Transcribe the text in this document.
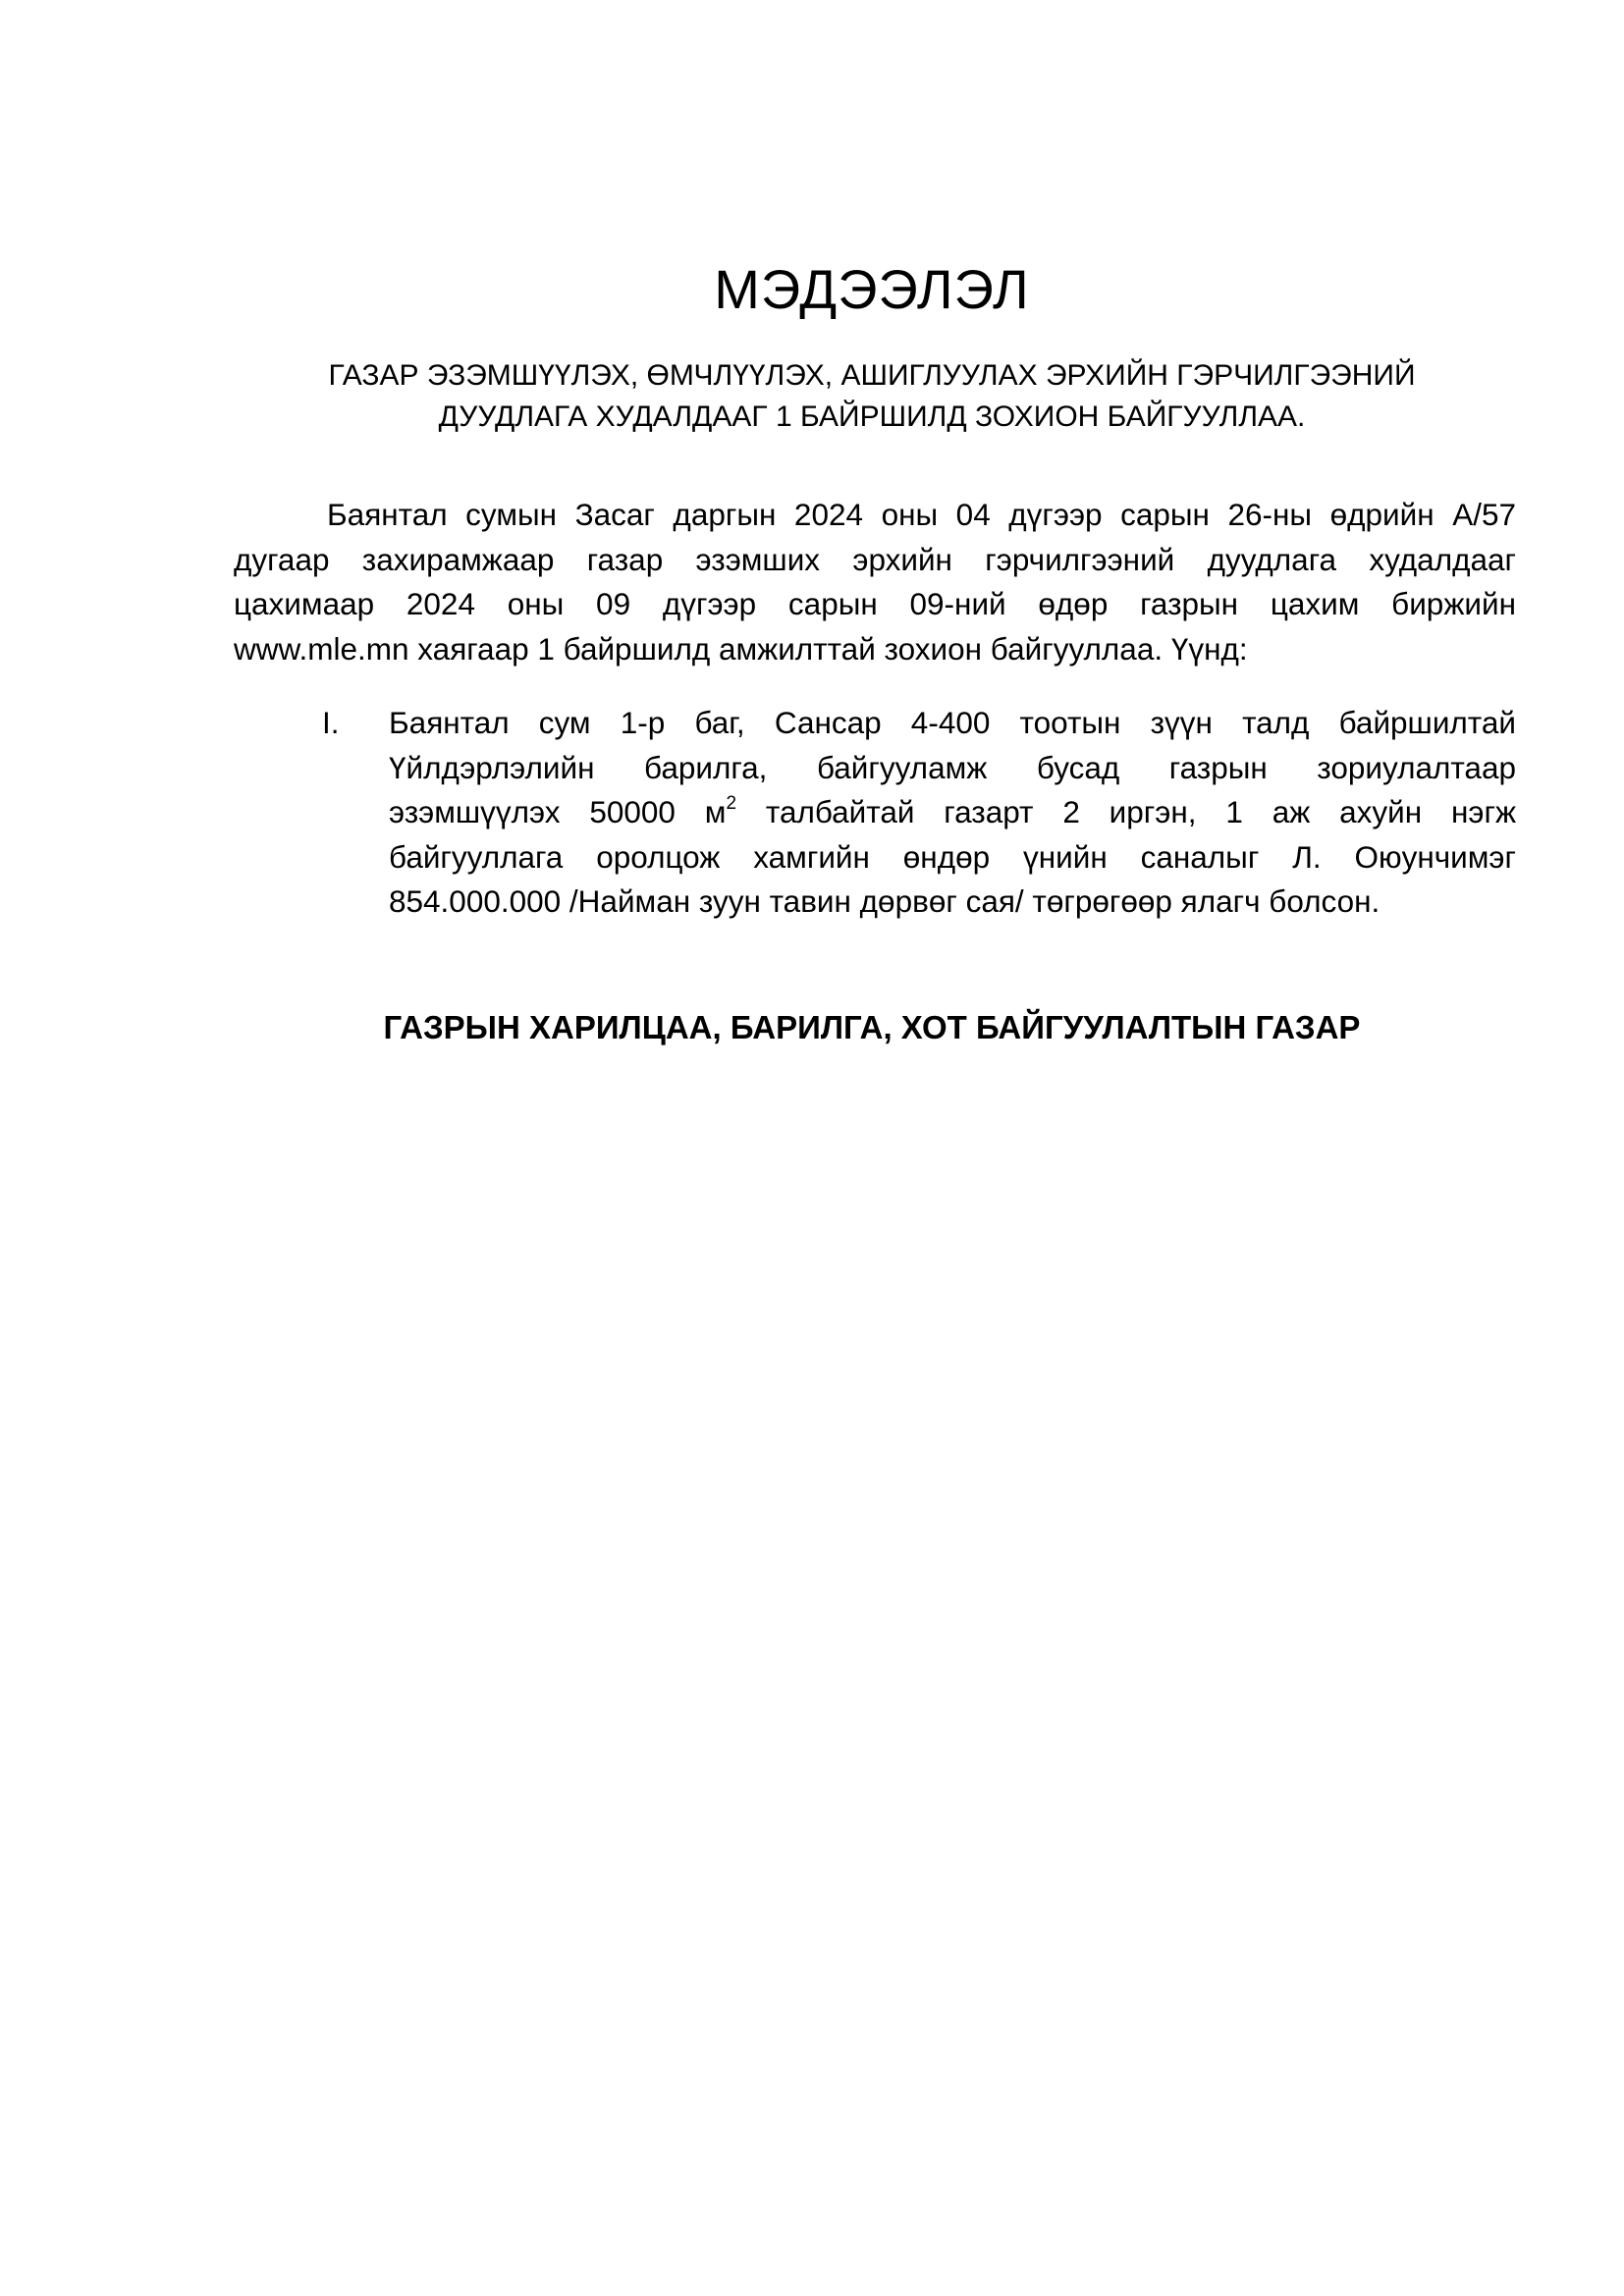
МЭДЭЭЛЭЛ
ГАЗАР ЭЗЭМШҮҮЛЭХ, ӨМЧЛҮҮЛЭХ, АШИГЛУУЛАХ ЭРХИЙН ГЭРЧИЛГЭЭНИЙ
ДУУДЛАГА ХУДАЛДААГ 1 БАЙРШИЛД ЗОХИОН БАЙГУУЛЛАА.
Баянтал сумын Засаг даргын 2024 оны 04 дүгээр сарын 26-ны өдрийн А/57
дугаар захирамжаар газар эзэмших эрхийн гэрчилгээний дуудлага худалдааг
цахимаар 2024 оны 09 дүгээр сарын 09-ний өдөр газрын цахим биржийн
www.mle.mn хаягаар 1 байршилд амжилттай зохион байгууллаа. Үүнд:
I. Баянтал сум 1-р баг, Сансар 4-400 тоотын зүүн талд байршилтай
Үйлдэрлэлийн барилга, байгууламж бусад газрын зориулалтаар
эзэмшүүлэх 50000 $м^2$ талбайтай газарт 2 иргэн, 1 аж ахуйн нэгж
байгууллага оролцож хамгийн өндөр үнийн саналыг Л. Оюунчимэг
854.000.000 /Найман зуун тавин дөрвөг сая/ төгрөгөөр ялагч болсон.

ГАЗРЫН ХАРИЛЦАА, БАРИЛГА, ХОТ БАЙГУУЛАЛТЫН ГАЗАР
